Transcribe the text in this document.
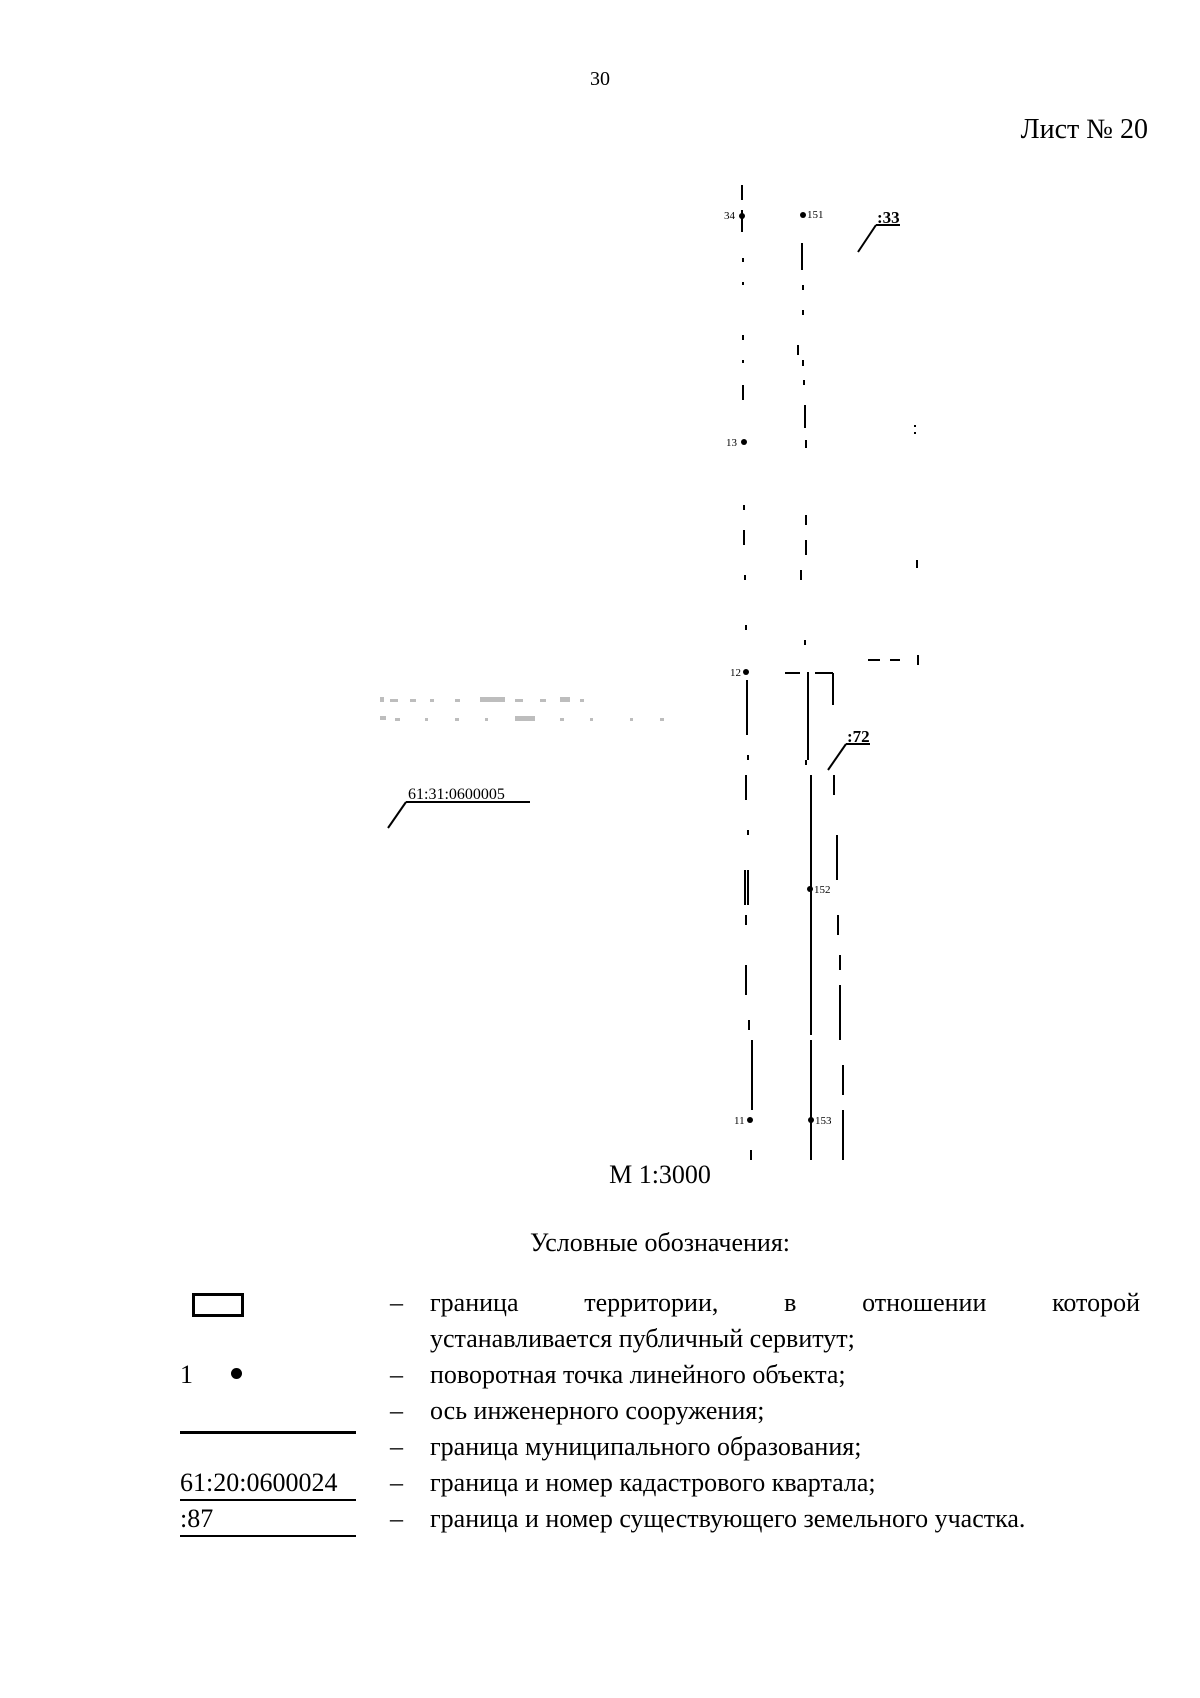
30
Лист № 20
34	151
13
12
152
11	153
:33
:72
61:31:0600005
М 1:3000
Условные обозначения:
– граница территории, в отношении которой
устанавливается публичный сервитут;
1	– поворотная точка линейного объекта;
– ось инженерного сооружения;
– граница муниципального образования;
61:20:0600024	– граница и номер кадастрового квартала;
:87	– граница и номер существующего земельного участка.
